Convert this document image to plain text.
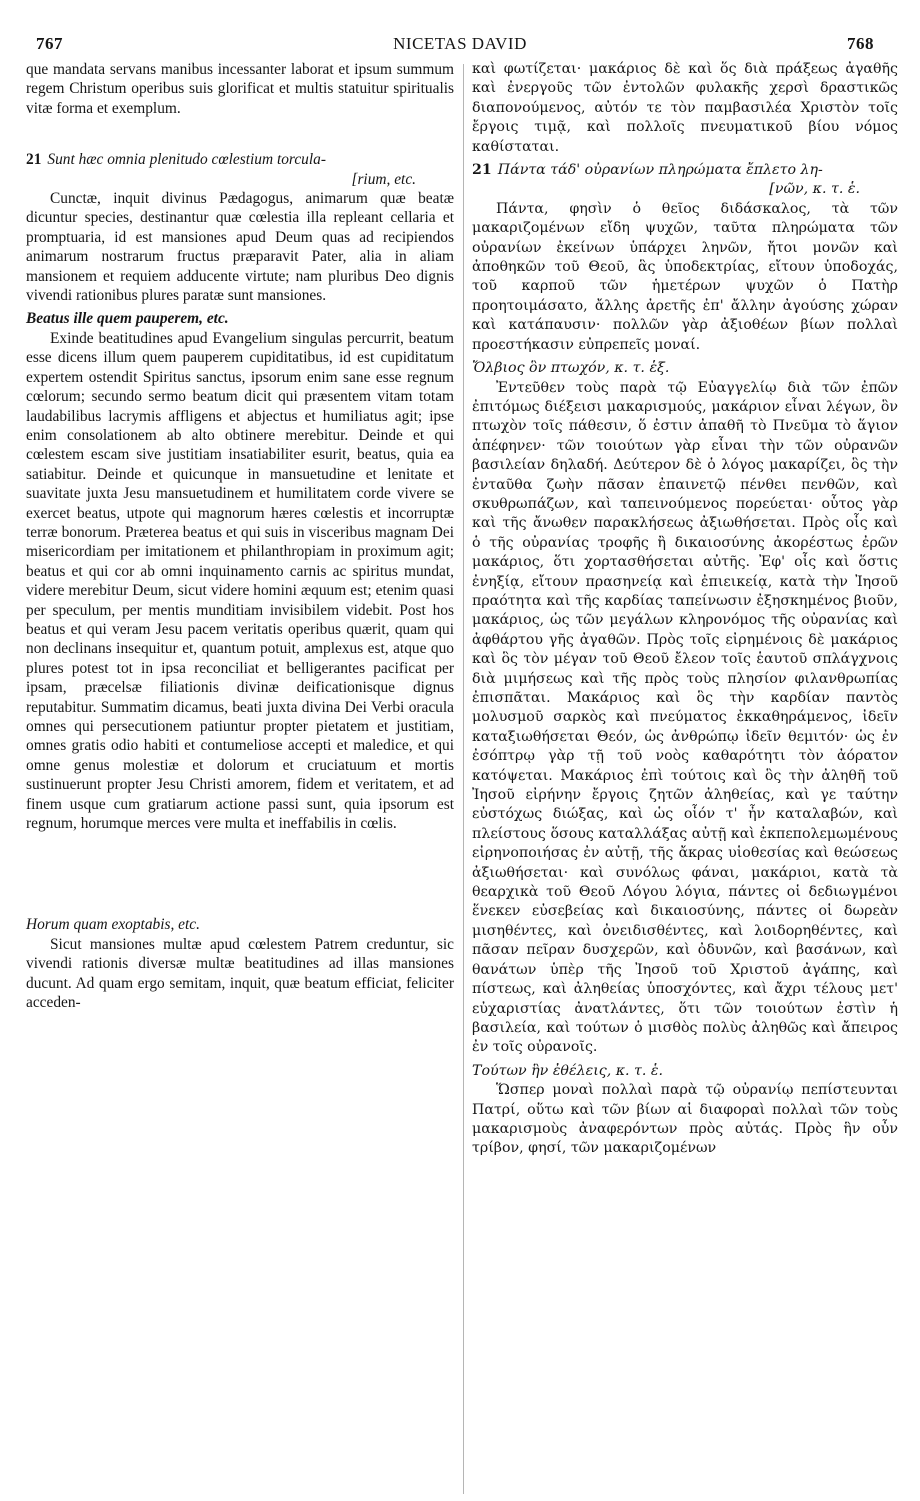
767	NICETAS DAVID	768

que mandata servans manibus incessanter laborat et ipsum summum regem Christum operibus suis glorificat et multis statuitur spiritualis vitæ forma et exemplum.

21 Sunt hæc omnia plenitudo cœlestium torcula-
[rium, etc.

Cunctæ, inquit divinus Pædagogus, animarum quæ beatæ dicuntur species, destinantur quæ cœlestia illa repleant cellaria et promptuaria, id est mansiones apud Deum quas ad recipiendos animarum nostrarum fructus præparavit Pater, alia in aliam mansionem et requiem adducente virtute; nam pluribus Deo dignis vivendi rationibus plures paratæ sunt mansiones.

Beatus ille quem pauperem, etc.

Exinde beatitudines apud Evangelium singulas percurrit, beatum esse dicens illum quem pauperem cupiditatibus, id est cupiditatum expertem ostendit Spiritus sanctus, ipsorum enim sane esse regnum cœlorum; secundo sermo beatum dicit qui præsentem vitam totam laudabilibus lacrymis affligens et abjectus et humiliatus agit; ipse enim consolationem ab alto obtinere merebitur. Deinde et qui cœlestem escam sive justitiam insatiabiliter esurit, beatus, quia ea satiabitur. Deinde et quicunque in mansuetudine et lenitate et suavitate juxta Jesu mansuetudinem et humilitatem corde vivere se exercet beatus, utpote qui magnorum hæres cœlestis et incorruptæ terræ bonorum. Præterea beatus et qui suis in visceribus magnam Dei misericordiam per imitationem et philanthropiam in proximum agit; beatus et qui cor ab omni inquinamento carnis ac spiritus mundat, videre merebitur Deum, sicut videre homini æquum est; etenim quasi per speculum, per mentis munditiam invisibilem videbit. Post hos beatus et qui veram Jesu pacem veritatis operibus quærit, quam qui non declinans insequitur et, quantum potuit, amplexus est, atque quo plures potest tot in ipsa reconciliat et belligerantes pacificat per ipsam, præcelsæ filiationis divinæ deificationisque dignus reputabitur. Summatim dicamus, beati juxta divina Dei Verbi oracula omnes qui persecutionem patiuntur propter pietatem et justitiam, omnes gratis odio habiti et contumeliose accepti et maledice, et qui omne genus molestiæ et dolorum et cruciatuum et mortis sustinuerunt propter Jesu Christi amorem, fidem et veritatem, et ad finem usque cum gratiarum actione passi sunt, quia ipsorum est regnum, horumque merces vere multa et ineffabilis in cœlis.

Horum quam exoptabis, etc.

Sicut mansiones multæ apud cœlestem Patrem creduntur, sic vivendi rationis diversæ multæ beatitudines ad illas mansiones ducunt. Ad quam ergo semitam, inquit, quæ beatum efficiat, feliciter acceden-

καὶ φωτίζεται· μακάριος δὲ καὶ ὅς διὰ πράξεως ἀγαθῆς καὶ ἐνεργοῦς τῶν ἐντολῶν φυλακῆς χερσὶ δραστικῶς διαπονούμενος, αὐτόν τε τὸν παμβασιλέα Χριστὸν τοῖς ἔργοις τιμᾷ, καὶ πολλοῖς πνευματικοῦ βίου νόμος καθίσταται.

21 Πάντα τάδ' οὐρανίων πληρώματα ἔπλετο λη-
[νῶν, κ. τ. ἑ.

Πάντα, φησὶν ὁ θεῖος διδάσκαλος, τὰ τῶν μακαριζομένων εἴδη ψυχῶν, ταῦτα πληρώματα τῶν οὐρανίων ἐκείνων ὑπάρχει ληνῶν, ἤτοι μονῶν καὶ ἀποθηκῶν τοῦ Θεοῦ, ἃς ὑποδεκτρίας, εἴτουν ὑποδοχάς, τοῦ καρποῦ τῶν ἡμετέρων ψυχῶν ὁ Πατὴρ προητοιμάσατο, ἄλλης ἀρετῆς ἐπ' ἄλλην ἀγούσης χώραν καὶ κατάπαυσιν· πολλῶν γὰρ ἀξιοθέων βίων πολλαὶ προεστήκασιν εὐπρεπεῖς μοναί.

Ὄλβιος ὃν πτωχόν, κ. τ. ἑξ.

Ἐντεῦθεν τοὺς παρὰ τῷ Εὐαγγελίῳ διὰ τῶν ἐπῶν ἐπιτόμως διέξεισι μακαρισμούς, μακάριον εἶναι λέγων, ὃν πτωχὸν τοῖς πάθεσιν, ὅ ἐστιν ἀπαθῆ τὸ Πνεῦμα τὸ ἅγιον ἀπέφηνεν· τῶν τοιούτων γὰρ εἶναι τὴν τῶν οὐρανῶν βασιλείαν δηλαδή. Δεύτερον δὲ ὁ λόγος μακαρίζει, ὃς τὴν ἐνταῦθα ζωὴν πᾶσαν ἐπαινετῷ πένθει πενθῶν, καὶ σκυθρωπάζων, καὶ ταπεινούμενος πορεύεται· οὗτος γὰρ καὶ τῆς ἄνωθεν παρακλήσεως ἀξιωθήσεται. Πρὸς οἷς καὶ ὁ τῆς οὐρανίας τροφῆς ἢ δικαιοσύνης ἀκορέστως ἐρῶν μακάριος, ὅτι χορτασθήσεται αὐτῆς. Ἐφ' οἷς καὶ ὅστις ἐνηξίᾳ, εἴτουν πρασηνείᾳ καὶ ἐπιεικείᾳ, κατὰ τὴν Ἰησοῦ πραότητα καὶ τῆς καρδίας ταπείνωσιν ἐξησκημένος βιοῦν, μακάριος, ὡς τῶν μεγάλων κληρονόμος τῆς οὐρανίας καὶ ἀφθάρτου γῆς ἀγαθῶν. Πρὸς τοῖς εἰρημένοις δὲ μακάριος καὶ ὃς τὸν μέγαν τοῦ Θεοῦ ἔλεον τοῖς ἑαυτοῦ σπλάγχνοις διὰ μιμήσεως καὶ τῆς πρὸς τοὺς πλησίον φιλανθρωπίας ἐπισπᾶται. Μακάριος καὶ ὃς τὴν καρδίαν παντὸς μολυσμοῦ σαρκὸς καὶ πνεύματος ἐκκαθηράμενος, ἰδεῖν καταξιωθήσεται Θεόν, ὡς ἀνθρώπῳ ἰδεῖν θεμιτόν· ὡς ἐν ἐσόπτρῳ γὰρ τῇ τοῦ νοὸς καθαρότητι τὸν ἀόρατον κατόψεται. Μακάριος ἐπὶ τούτοις καὶ ὃς τὴν ἀληθῆ τοῦ Ἰησοῦ εἰρήνην ἔργοις ζητῶν ἀληθείας, καὶ γε ταύτην εὐστόχως διώξας, καὶ ὡς οἷόν τ' ἦν καταλαβών, καὶ πλείστους ὅσους καταλλάξας αὐτῇ καὶ ἐκπεπολεμωμένους εἰρηνοποιήσας ἐν αὐτῇ, τῆς ἄκρας υἱοθεσίας καὶ θεώσεως ἀξιωθήσεται· καὶ συνόλως φάναι, μακάριοι, κατὰ τὰ θεαρχικὰ τοῦ Θεοῦ Λόγου λόγια, πάντες οἱ δεδιωγμένοι ἕνεκεν εὐσεβείας καὶ δικαιοσύνης, πάντες οἱ δωρεὰν μισηθέντες, καὶ ὀνειδισθέντες, καὶ λοιδορηθέντες, καὶ πᾶσαν πεῖραν δυσχερῶν, καὶ ὀδυνῶν, καὶ βασάνων, καὶ θανάτων ὑπὲρ τῆς Ἰησοῦ τοῦ Χριστοῦ ἀγάπης, καὶ πίστεως, καὶ ἀληθείας ὑποσχόντες, καὶ ἄχρι τέλους μετ' εὐχαριστίας ἀνατλάντες, ὅτι τῶν τοιούτων ἐστὶν ἡ βασιλεία, καὶ τούτων ὁ μισθὸς πολὺς ἀληθῶς καὶ ἄπειρος ἐν τοῖς οὐρανοῖς.

Τούτων ἣν ἐθέλεις, κ. τ. ἑ.

Ὥσπερ μοναὶ πολλαὶ παρὰ τῷ οὐρανίῳ πεπίστευνται Πατρί, οὕτω καὶ τῶν βίων αἱ διαφοραὶ πολλαὶ τῶν τοὺς μακαρισμοὺς ἀναφερόντων πρὸς αὐτάς. Πρὸς ἣν οὖν τρίβον, φησί, τῶν μακαριζομένων
